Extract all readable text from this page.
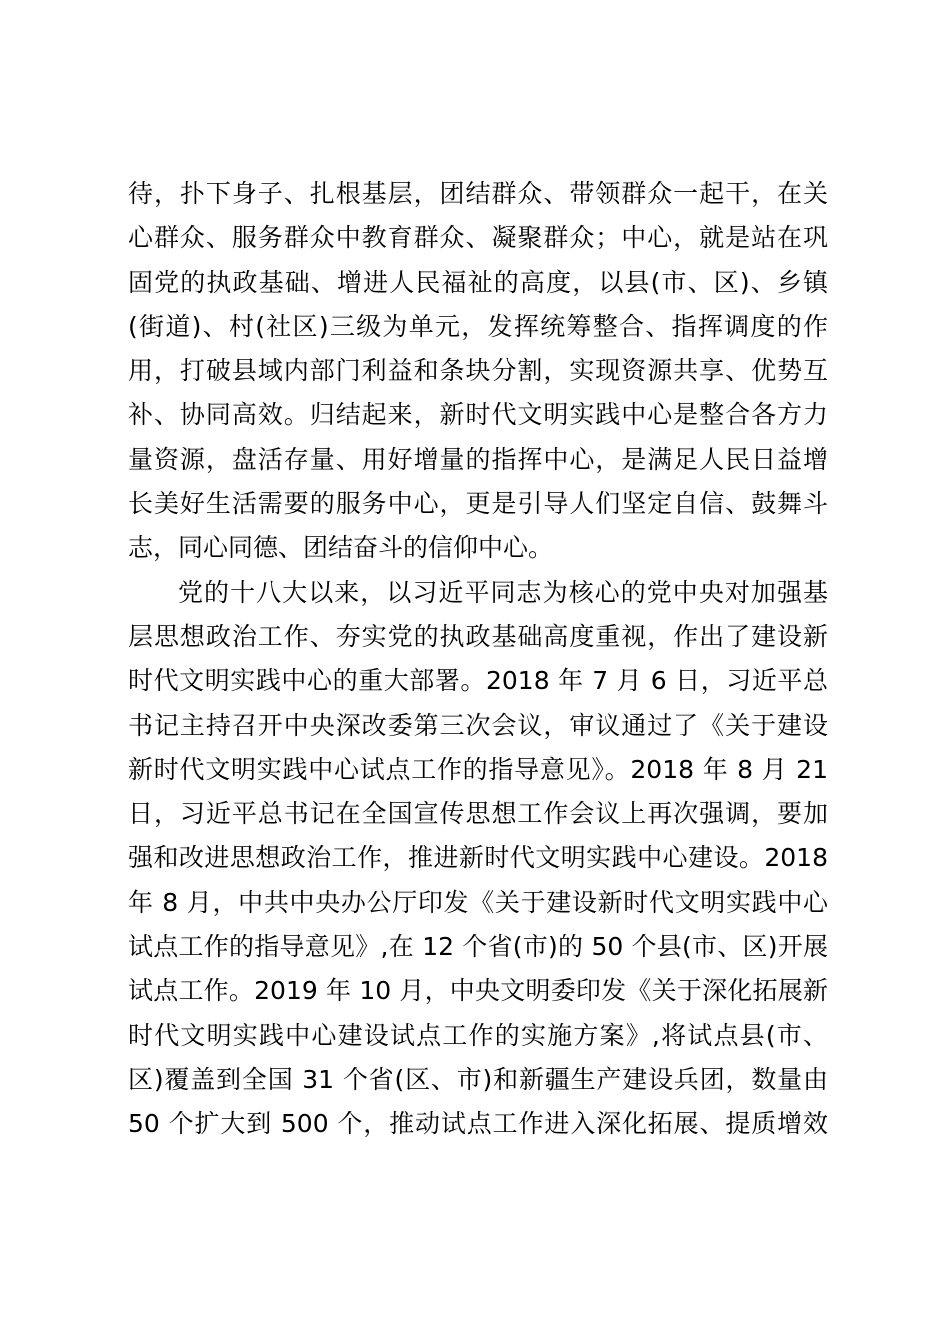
待，扑下身子、扎根基层，团结群众、带领群众一起干，在关
心群众、服务群众中教育群众、凝聚群众；中心，就是站在巩
固党的执政基础、增进人民福祉的高度，以县(市、区)、乡镇
(街道)、村(社区)三级为单元，发挥统筹整合、指挥调度的作
用，打破县域内部门利益和条块分割，实现资源共享、优势互
补、协同高效。归结起来，新时代文明实践中心是整合各方力
量资源，盘活存量、用好增量的指挥中心，是满足人民日益增
长美好生活需要的服务中心，更是引导人们坚定自信、鼓舞斗
志，同心同德、团结奋斗的信仰中心。
党的十八大以来，以习近平同志为核心的党中央对加强基
层思想政治工作、夯实党的执政基础高度重视，作出了建设新
时代文明实践中心的重大部署。2018 年 7 月 6 日，习近平总
书记主持召开中央深改委第三次会议，审议通过了《关于建设
新时代文明实践中心试点工作的指导意见》。2018 年 8 月 21
日，习近平总书记在全国宣传思想工作会议上再次强调，要加
强和改进思想政治工作，推进新时代文明实践中心建设。2018
年 8 月，中共中央办公厅印发《关于建设新时代文明实践中心
试点工作的指导意见》,在 12 个省(市)的 50 个县(市、区)开展
试点工作。2019 年 10 月，中央文明委印发《关于深化拓展新
时代文明实践中心建设试点工作的实施方案》,将试点县(市、
区)覆盖到全国 31 个省(区、市)和新疆生产建设兵团，数量由
50 个扩大到 500 个，推动试点工作进入深化拓展、提质增效
